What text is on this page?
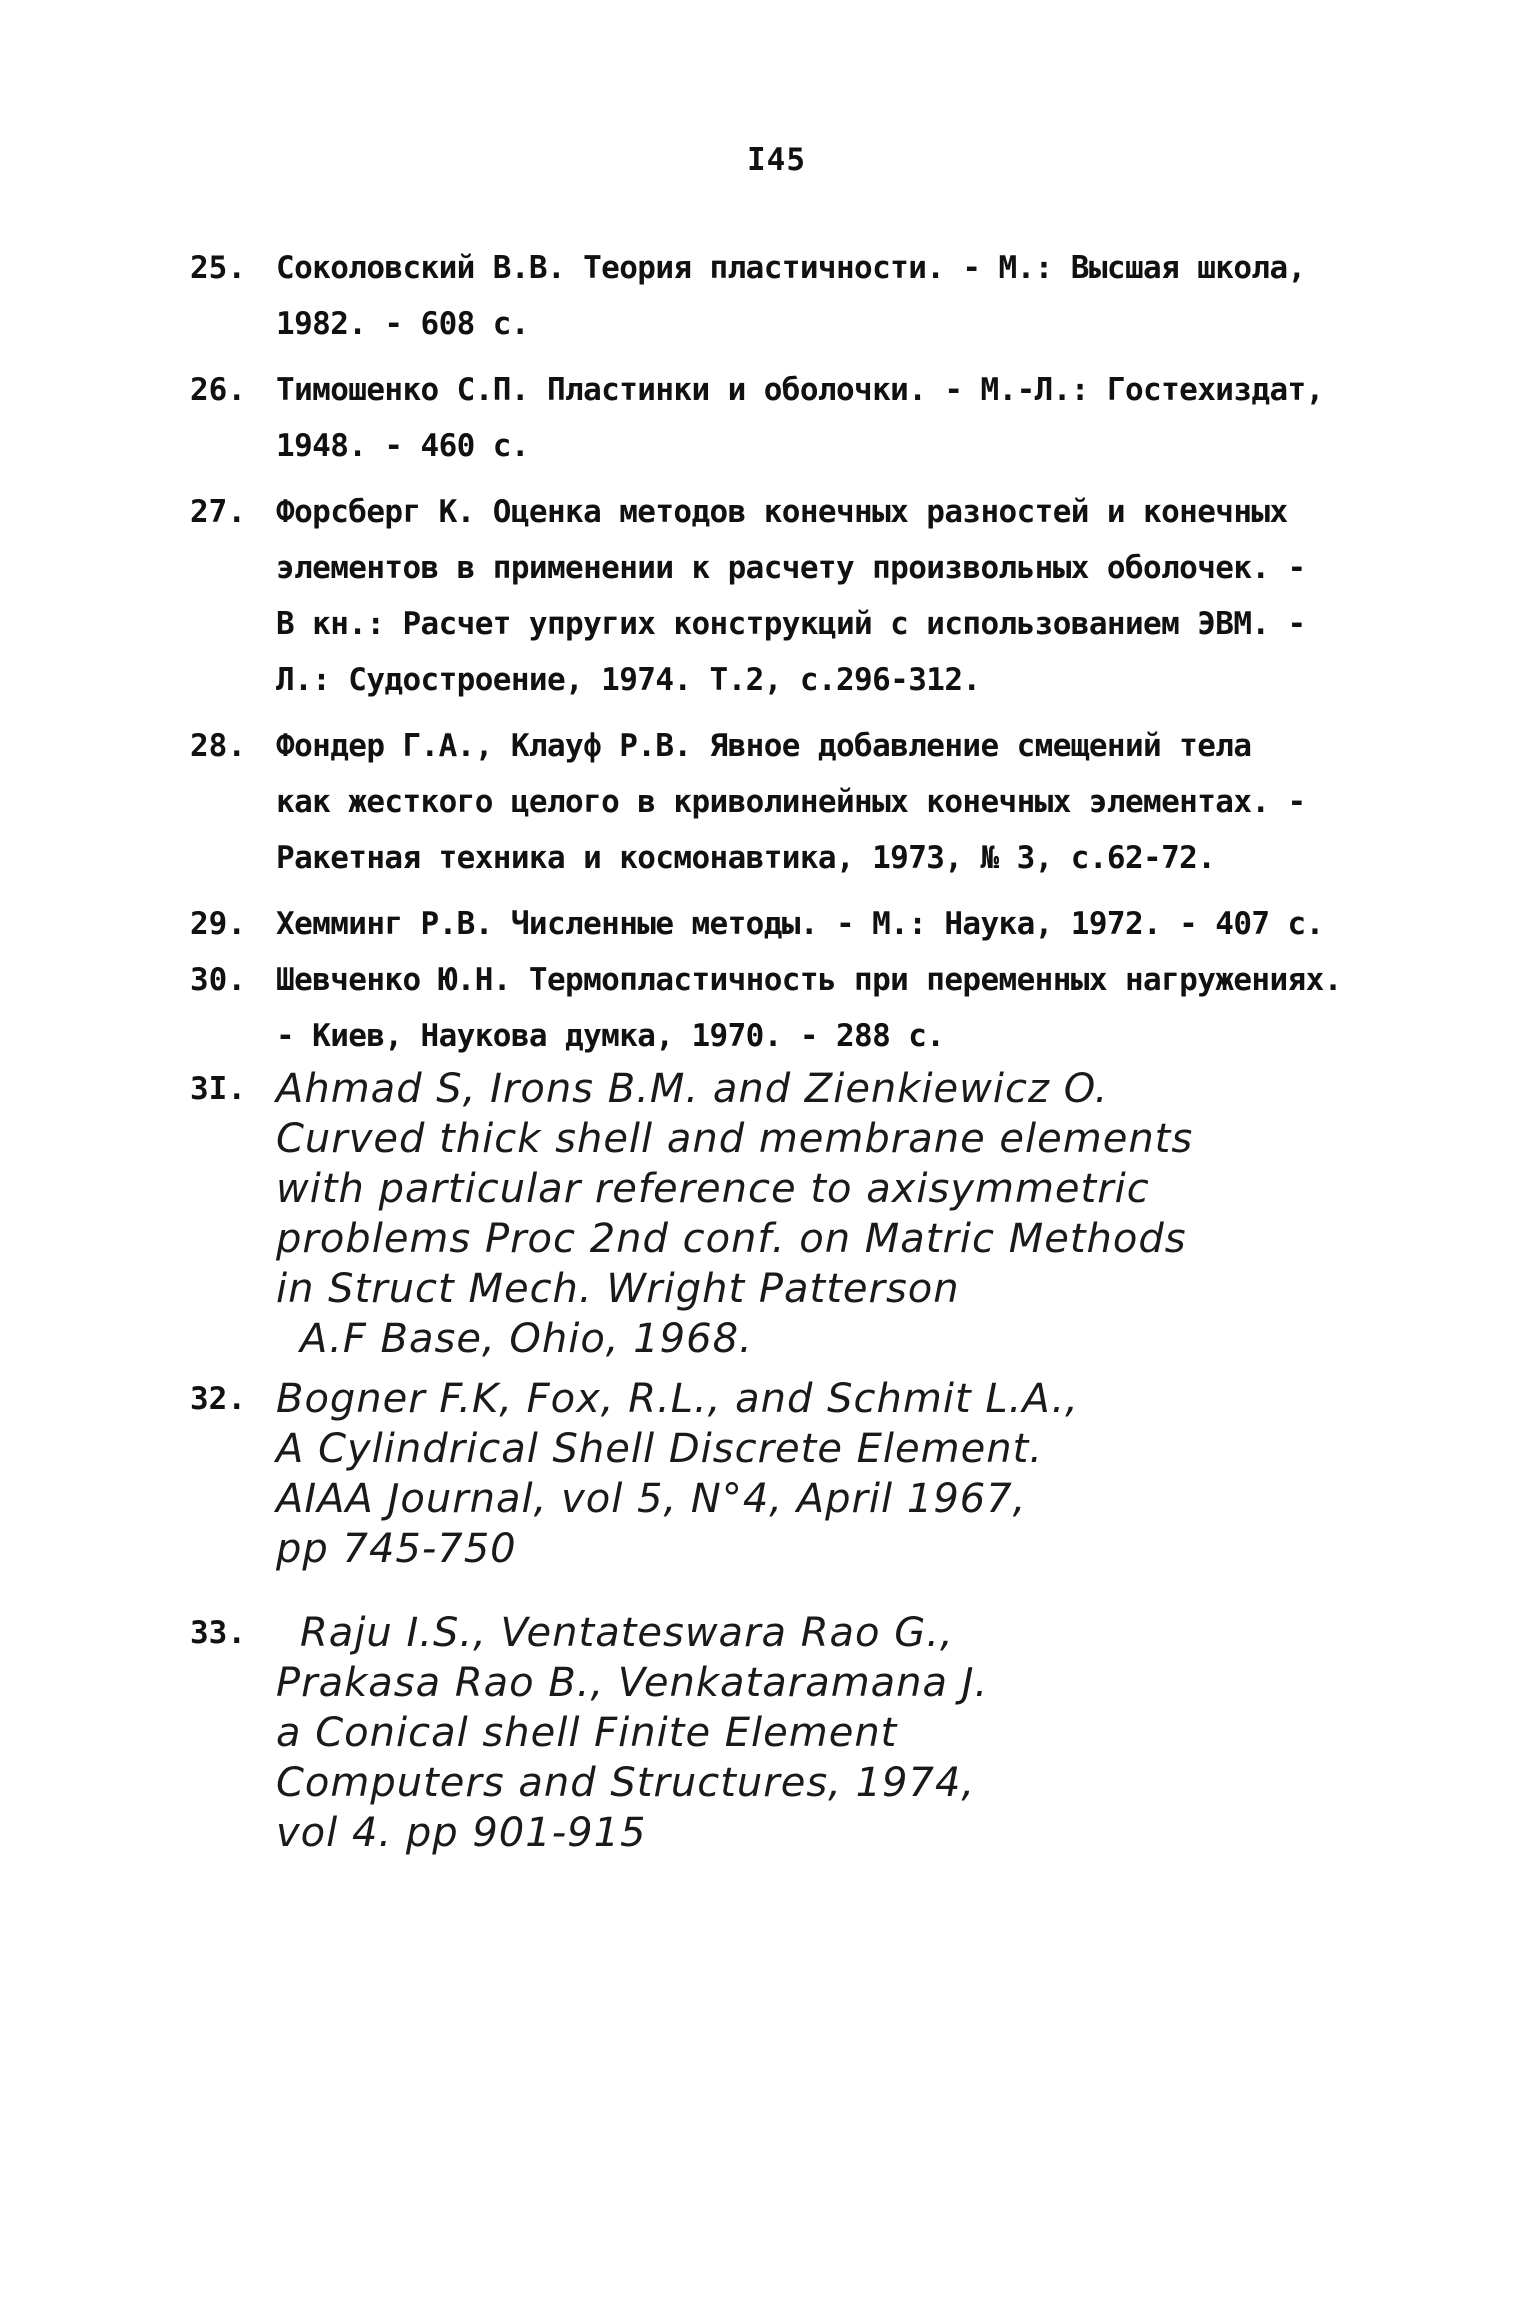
I45
25. Соколовский В.В. Теория пластичности. - М.: Высшая школа,
1982. - 608 с.
26. Тимошенко С.П. Пластинки и оболочки. - М.-Л.: Гостехиздат,
1948. - 460 с.
27. Форсберг К. Оценка методов конечных разностей и конечных
элементов в применении к расчету произвольных оболочек. -
В кн.: Расчет упругих конструкций с использованием ЭВМ. -
Л.: Судостроение, 1974. Т.2, с.296-312.
28. Фондер Г.А., Клауф Р.В. Явное добавление смещений тела
как жесткого целого в криволинейных конечных элементах. -
Ракетная техника и космонавтика, 1973, № 3, с.62-72.
29. Хемминг Р.В. Численные методы. - М.: Наука, 1972. - 407 с.
30. Шевченко Ю.Н. Термопластичность при переменных нагружениях.
- Киев, Наукова думка, 1970. - 288 с.
3I. Ahmad S, Irons B.M. and Zienkiewicz O.
Curved thick shell and membrane elements
with particular reference to axisymmetric
problems Proc 2nd conf. on Matric Methods
in Struct Mech. Wright Patterson
A.F Base, Ohio, 1968.
32. Bogner F.K, Fox, R.L., and Schmit L.A.,
A Cylindrical Shell Discrete Element.
AIAA Journal, vol 5, N°4, April 1967,
pp 745-750
33.	Raju I.S., Ventateswara Rao G.,
Prakasa Rao B., Venkataramana J.
a Conical shell Finite Element
Computers and Structures, 1974,
vol 4. pp 901-915
